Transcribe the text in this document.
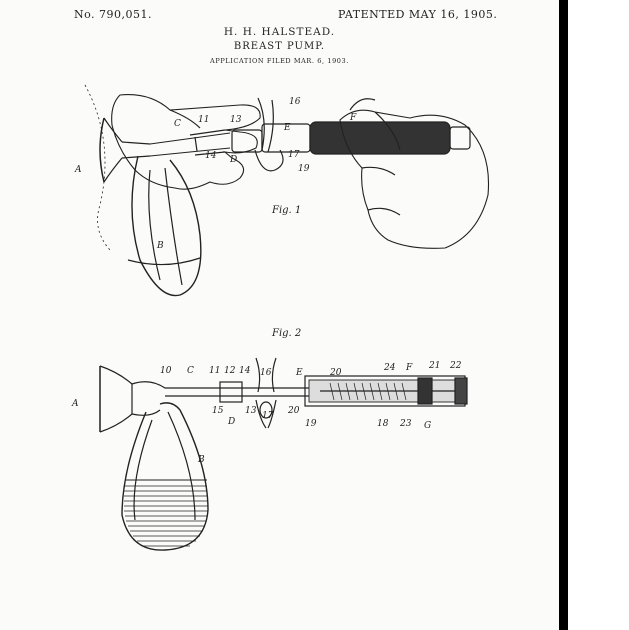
No. 790,051.	PATENTED MAY 16, 1905.
H. H. HALSTEAD.
BREAST PUMP.
APPLICATION FILED MAR. 6, 1903.
Fig. 1
16
F
C 11 13
E
14 D	17
19
A
B
Fig. 2
10 C 11 12 14 16	E	20	24 F 21 22
A
15 13
D
17 20
19	18 23 G
B
